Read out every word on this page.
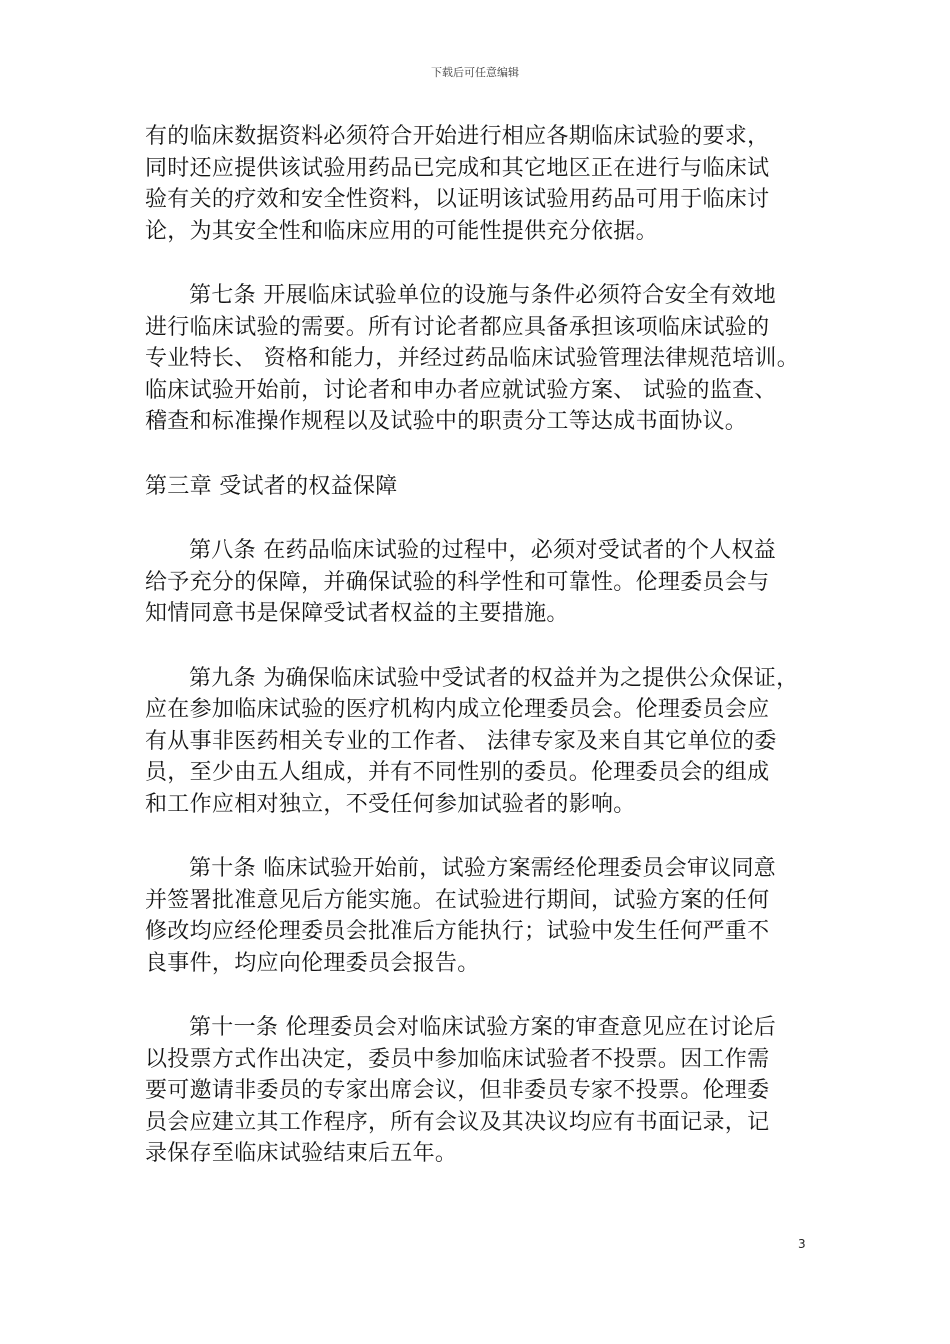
下载后可任意编辑

有的临床数据资料必须符合开始进行相应各期临床试验的要求，
同时还应提供该试验用药品已完成和其它地区正在进行与临床试
验有关的疗效和安全性资料，以证明该试验用药品可用于临床讨
论，为其安全性和临床应用的可能性提供充分依据。

第七条 开展临床试验单位的设施与条件必须符合安全有效地
进行临床试验的需要。所有讨论者都应具备承担该项临床试验的
专业特长、 资格和能力，并经过药品临床试验管理法律规范培训。
临床试验开始前，讨论者和申办者应就试验方案、 试验的监查、
稽查和标准操作规程以及试验中的职责分工等达成书面协议。

第三章 受试者的权益保障

第八条 在药品临床试验的过程中，必须对受试者的个人权益
给予充分的保障，并确保试验的科学性和可靠性。伦理委员会与
知情同意书是保障受试者权益的主要措施。

第九条 为确保临床试验中受试者的权益并为之提供公众保证，
应在参加临床试验的医疗机构内成立伦理委员会。伦理委员会应
有从事非医药相关专业的工作者、 法律专家及来自其它单位的委
员，至少由五人组成，并有不同性别的委员。伦理委员会的组成
和工作应相对独立，不受任何参加试验者的影响。

第十条 临床试验开始前，试验方案需经伦理委员会审议同意
并签署批准意见后方能实施。在试验进行期间，试验方案的任何
修改均应经伦理委员会批准后方能执行；试验中发生任何严重不
良事件，均应向伦理委员会报告。

第十一条 伦理委员会对临床试验方案的审查意见应在讨论后
以投票方式作出决定，委员中参加临床试验者不投票。因工作需
要可邀请非委员的专家出席会议，但非委员专家不投票。伦理委
员会应建立其工作程序，所有会议及其决议均应有书面记录，记
录保存至临床试验结束后五年。

3
